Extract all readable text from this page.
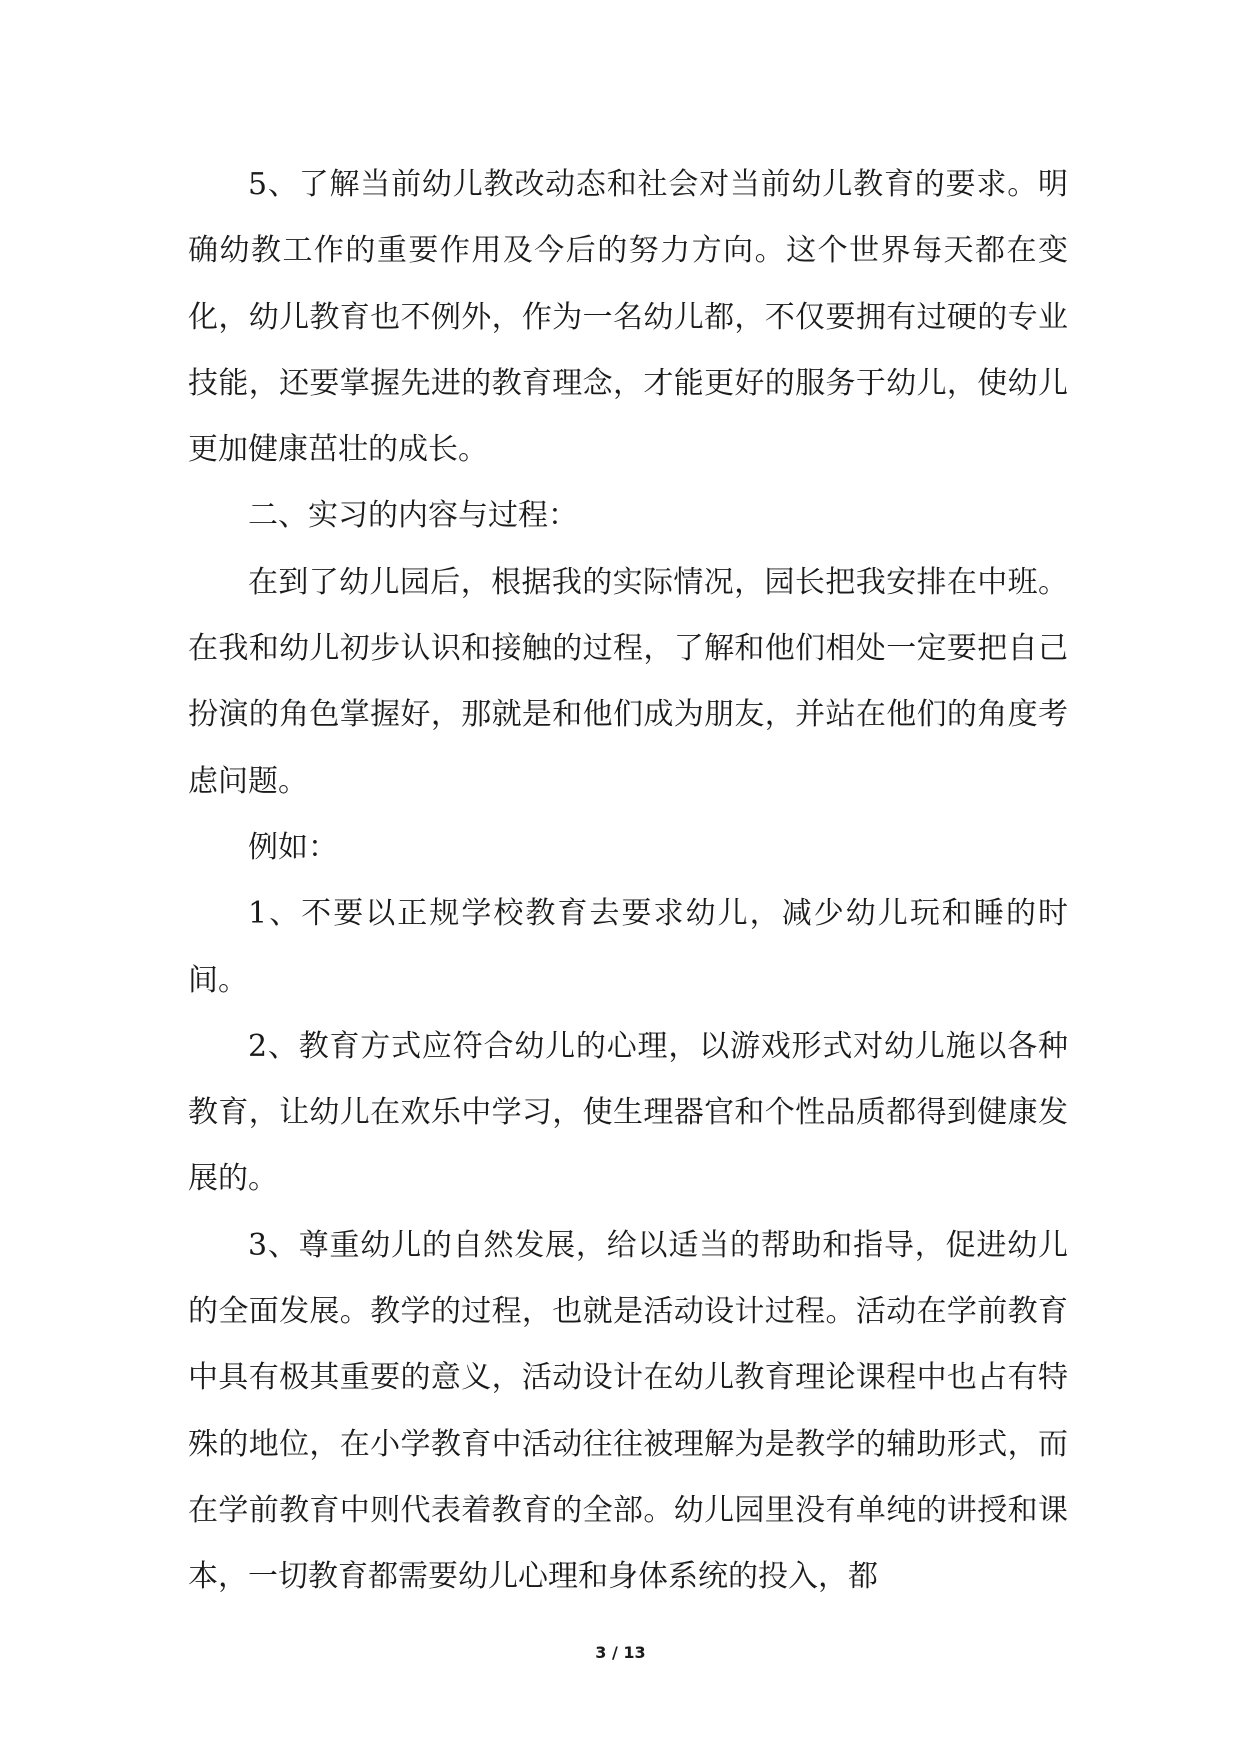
5、了解当前幼儿教改动态和社会对当前幼儿教育的要求。明确幼教工作的重要作用及今后的努力方向。这个世界每天都在变化，幼儿教育也不例外，作为一名幼儿都，不仅要拥有过硬的专业技能，还要掌握先进的教育理念，才能更好的服务于幼儿，使幼儿更加健康茁壮的成长。

二、实习的内容与过程：

在到了幼儿园后，根据我的实际情况，园长把我安排在中班。在我和幼儿初步认识和接触的过程，了解和他们相处一定要把自己扮演的角色掌握好，那就是和他们成为朋友，并站在他们的角度考虑问题。

例如：

1、不要以正规学校教育去要求幼儿，减少幼儿玩和睡的时间。

2、教育方式应符合幼儿的心理，以游戏形式对幼儿施以各种教育，让幼儿在欢乐中学习，使生理器官和个性品质都得到健康发展的。

3、尊重幼儿的自然发展，给以适当的帮助和指导，促进幼儿的全面发展。教学的过程，也就是活动设计过程。活动在学前教育中具有极其重要的意义，活动设计在幼儿教育理论课程中也占有特殊的地位，在小学教育中活动往往被理解为是教学的辅助形式，而在学前教育中则代表着教育的全部。幼儿园里没有单纯的讲授和课本，一切教育都需要幼儿心理和身体系统的投入，都

3 / 13
